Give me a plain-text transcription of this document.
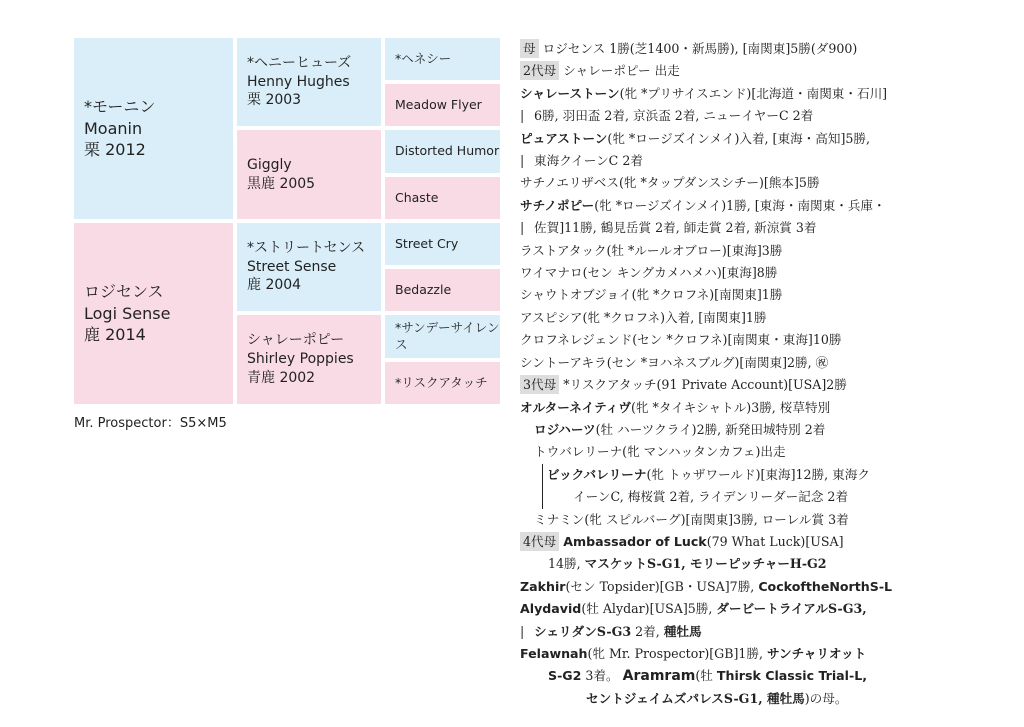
*モーニン
Moanin
栗 2012
ロジセンス
Logi Sense
鹿 2014
*ヘニーヒューズ
Henny Hughes
栗 2003
Giggly
黒鹿 2005
*ストリートセンス
Street Sense
鹿 2004
シャレーポピー
Shirley Poppies
青鹿 2002
*ヘネシー
Meadow Flyer
Distorted Humor
Chaste
Street Cry
Bedazzle
*サンデーサイレンス
*リスクアタッチ
Mr. Prospector：S5×M5
母 ロジセンス 1勝(芝1400・新馬勝), [南関東]5勝(ダ900)
2代母 シャレーポピー 出走
シャレーストーン(牝 *プリサイスエンド)[北海道・南関東・石川]
| 6勝, 羽田盃 2着, 京浜盃 2着, ニューイヤーC 2着
ピュアストーン(牝 *ロージズインメイ)入着, [東海・高知]5勝,
| 東海クイーンC 2着
サチノエリザベス(牝 *タップダンスシチー)[熊本]5勝
サチノポピー(牝 *ロージズインメイ)1勝, [東海・南関東・兵庫・
| 佐賀]11勝, 鶴見岳賞 2着, 師走賞 2着, 新涼賞 3着
ラストアタック(牡 *ルールオブロー)[東海]3勝
ワイマナロ(セン キングカメハメハ)[東海]8勝
シャウトオブジョイ(牝 *クロフネ)[南関東]1勝
アスピシア(牝 *クロフネ)入着, [南関東]1勝
クロフネレジェンド(セン *クロフネ)[南関東・東海]10勝
シントーアキラ(セン *ヨハネスブルグ)[南関東]2勝, ㊗
3代母 *リスクアタッチ(91 Private Account)[USA]2勝
オルターネイティヴ(牝 *タイキシャトル)3勝, 桜草特別
ロジハーツ(牡 ハーツクライ)2勝, 新発田城特別 2着
トウバレリーナ(牝 マンハッタンカフェ)出走
ビックバレリーナ(牝 トゥザワールド)[東海]12勝, 東海ク
イーンC, 梅桜賞 2着, ライデンリーダー記念 2着
ミナミン(牝 スピルバーグ)[南関東]3勝, ローレル賞 3着
4代母 Ambassador of Luck(79 What Luck)[USA]
14勝, マスケットS-G1, モリーピッチャーH-G2
Zakhir(セン Topsider)[GB・USA]7勝, CockoftheNorthS-L
Alydavid(牡 Alydar)[USA]5勝, ダービートライアルS-G3,
| シェリダンS-G3 2着, 種牡馬
Felawnah(牝 Mr. Prospector)[GB]1勝, サンチャリオット
S-G2 3着。 Aramram(牡 Thirsk Classic Trial-L,
セントジェイムズパレスS-G1, 種牡馬)の母。
